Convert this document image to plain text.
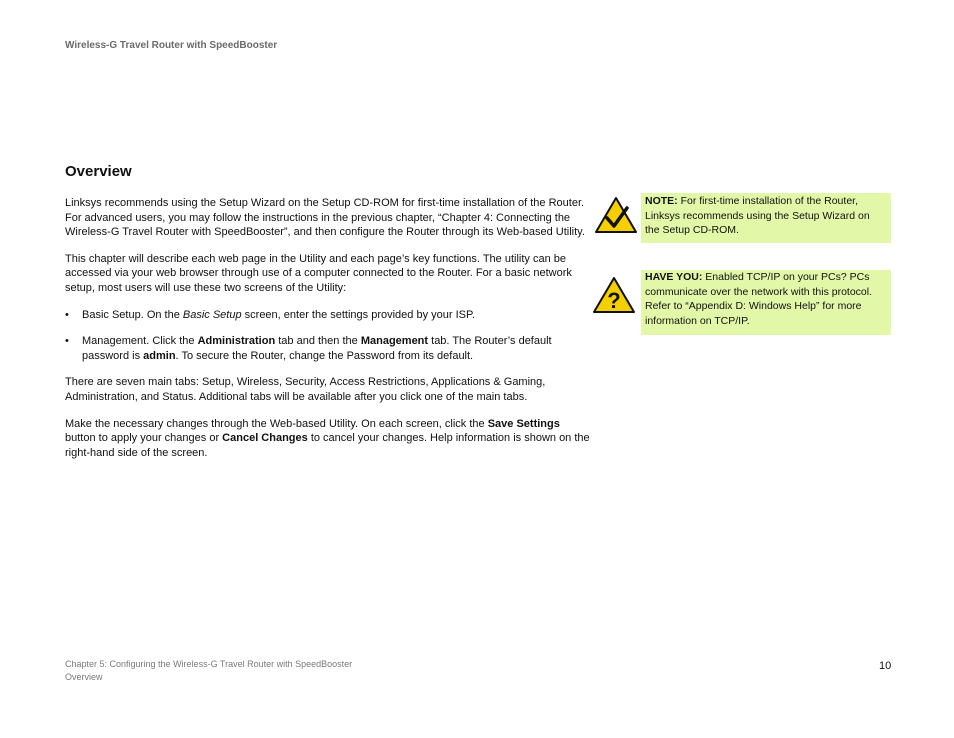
Wireless-G Travel Router with SpeedBooster
Overview

Linksys recommends using the Setup Wizard on the Setup CD-ROM for first-time installation of the Router. For advanced users, you may follow the instructions in the previous chapter, “Chapter 4: Connecting the Wireless-G Travel Router with SpeedBooster”, and then configure the Router through its Web-based Utility.

This chapter will describe each web page in the Utility and each page’s key functions. The utility can be accessed via your web browser through use of a computer connected to the Router. For a basic network setup, most users will use these two screens of the Utility:

• Basic Setup. On the Basic Setup screen, enter the settings provided by your ISP.
• Management. Click the Administration tab and then the Management tab. The Router’s default password is admin. To secure the Router, change the Password from its default.

There are seven main tabs: Setup, Wireless, Security, Access Restrictions, Applications & Gaming, Administration, and Status. Additional tabs will be available after you click one of the main tabs.

Make the necessary changes through the Web-based Utility. On each screen, click the Save Settings button to apply your changes or Cancel Changes to cancel your changes. Help information is shown on the right-hand side of the screen.

NOTE: For first-time installation of the Router, Linksys recommends using the Setup Wizard on the Setup CD-ROM.
?
HAVE YOU: Enabled TCP/IP on your PCs? PCs communicate over the network with this protocol. Refer to “Appendix D: Windows Help” for more information on TCP/IP.
Chapter 5: Configuring the Wireless-G Travel Router with SpeedBooster
Overview
10
